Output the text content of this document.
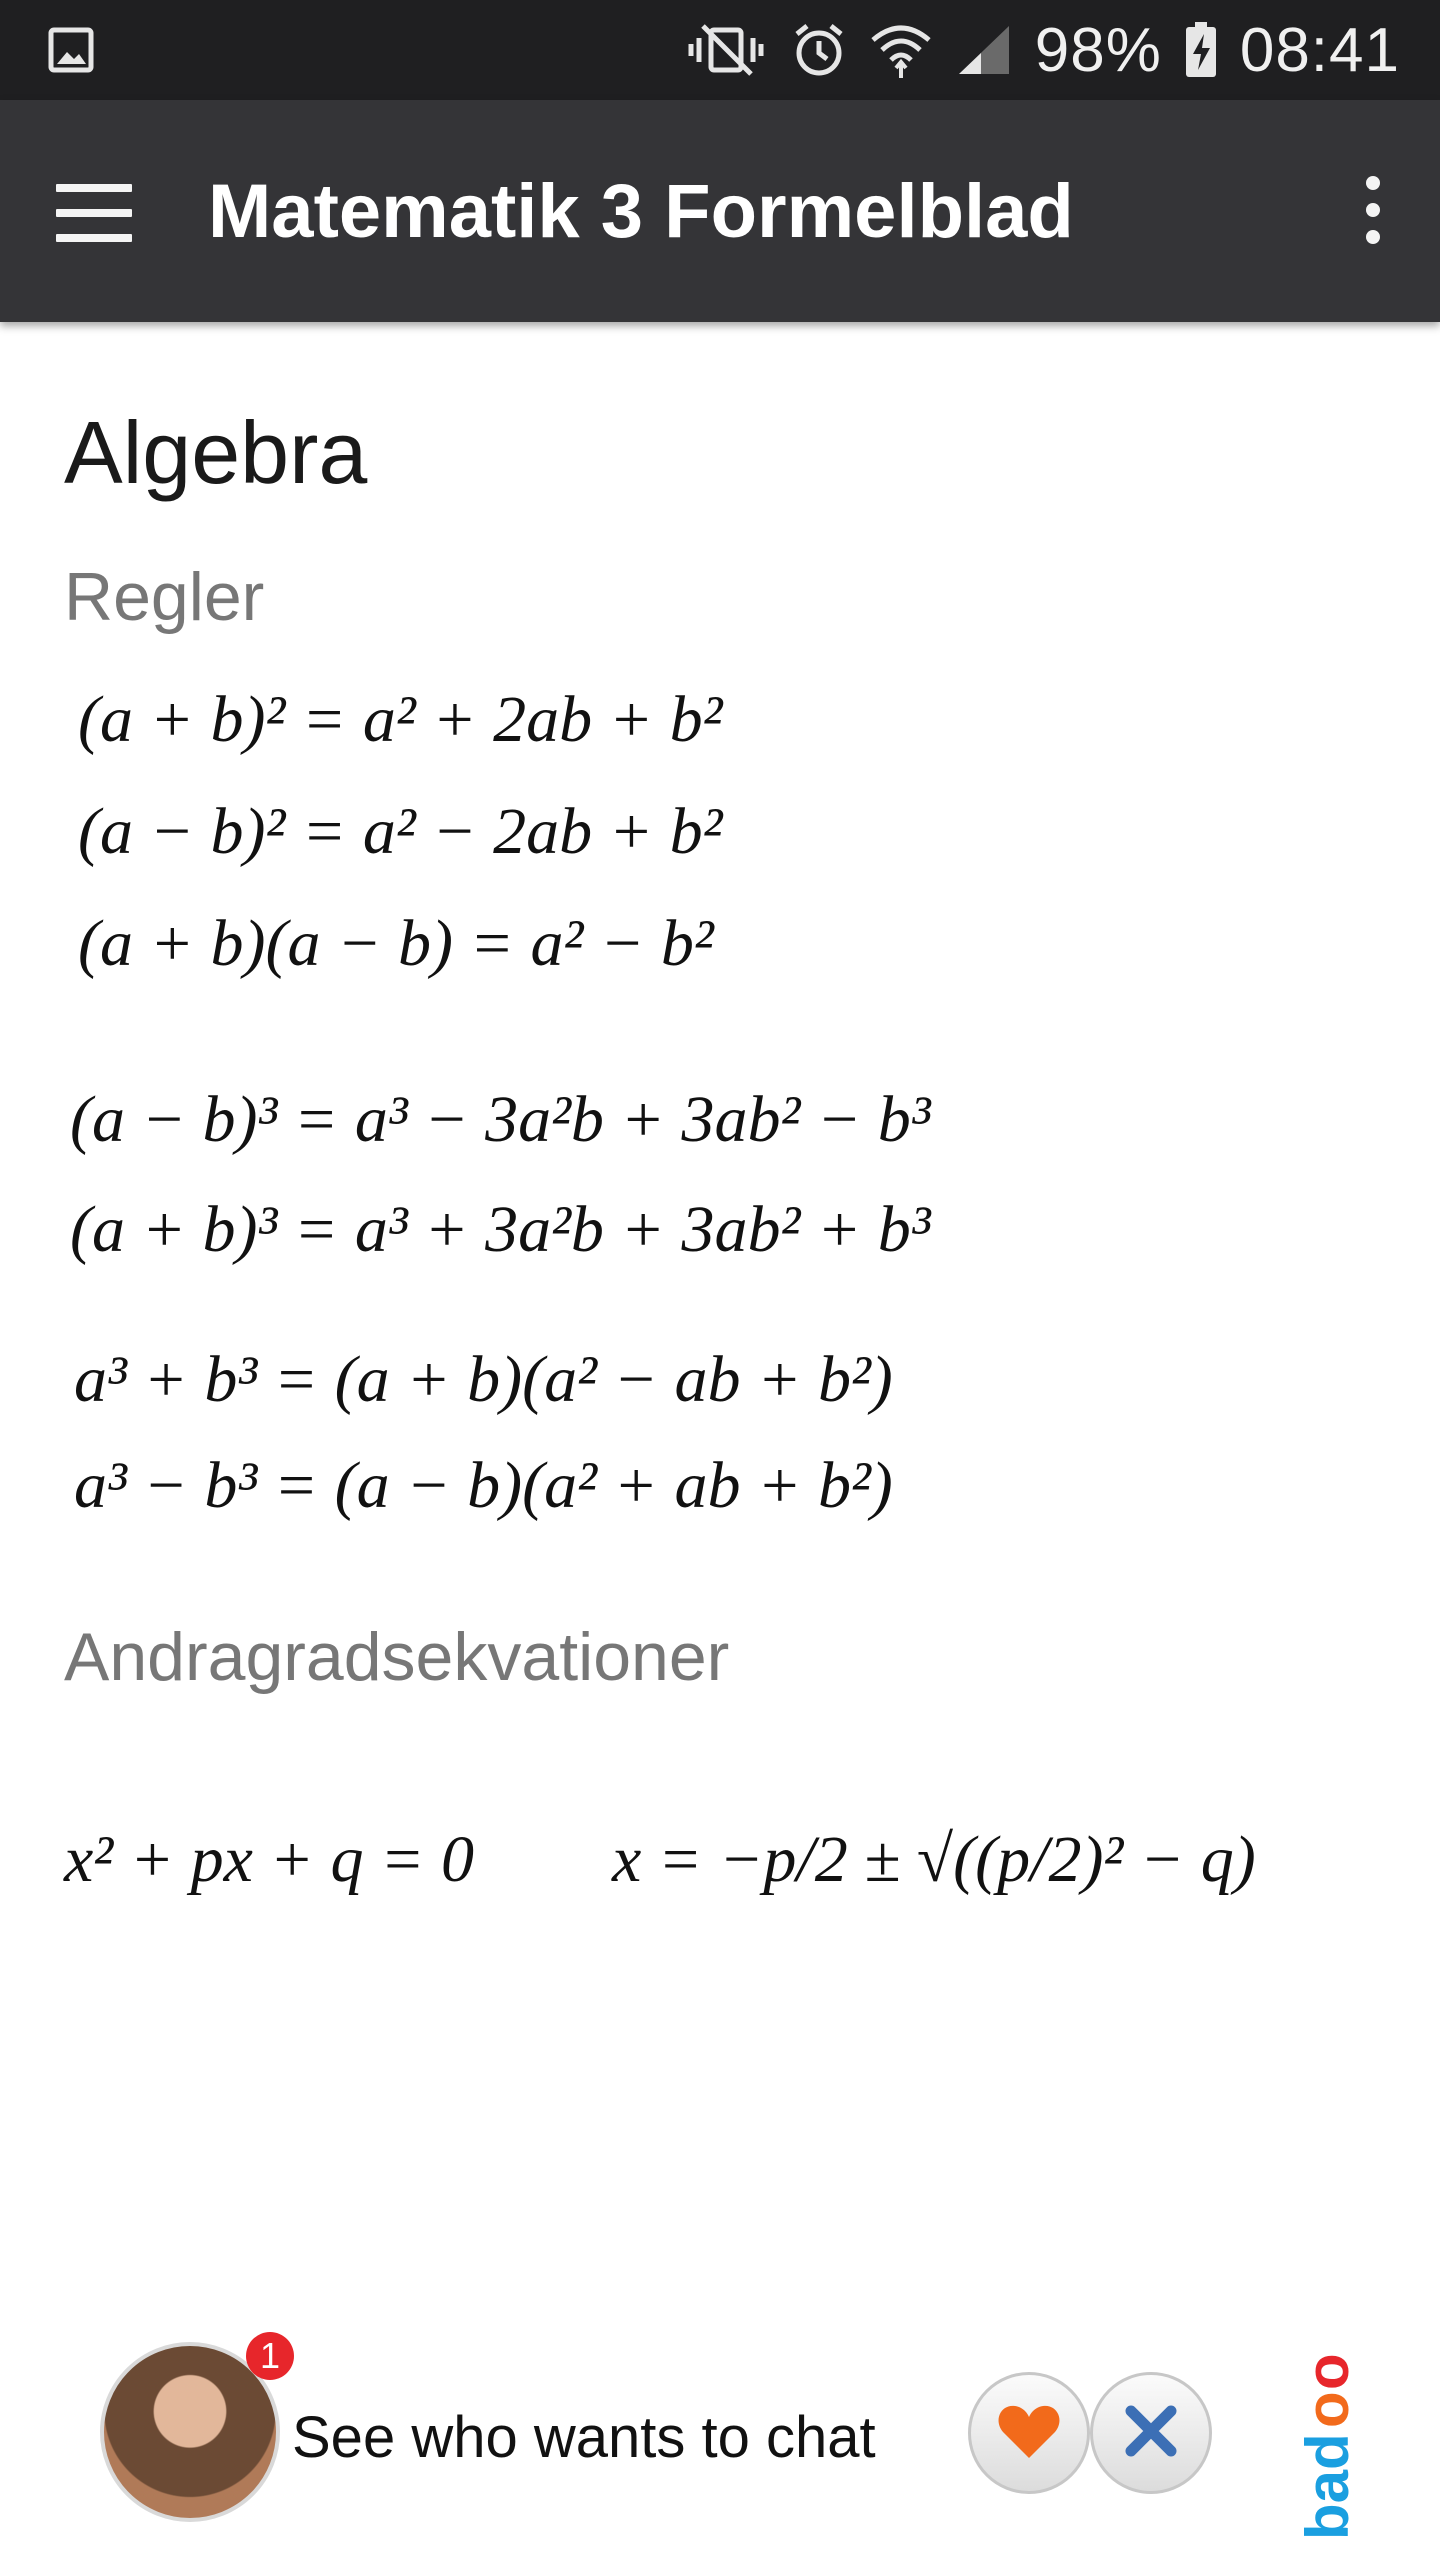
98% 08:41
Matematik 3 Formelblad
Algebra
Regler
(a + b)² = a² + 2ab + b²
(a − b)² = a² − 2ab + b²
(a + b)(a − b) = a² − b²
(a − b)³ = a³ − 3a²b + 3ab² − b³
(a + b)³ = a³ + 3a²b + 3ab² + b³
a³ + b³ = (a + b)(a² − ab + b²)
a³ − b³ = (a − b)(a² + ab + b²)
Andragradsekvationer
x² + px + q = 0 x = −p/2 ± √((p/2)² − q)
1
See who wants to chat	bad
o
o
